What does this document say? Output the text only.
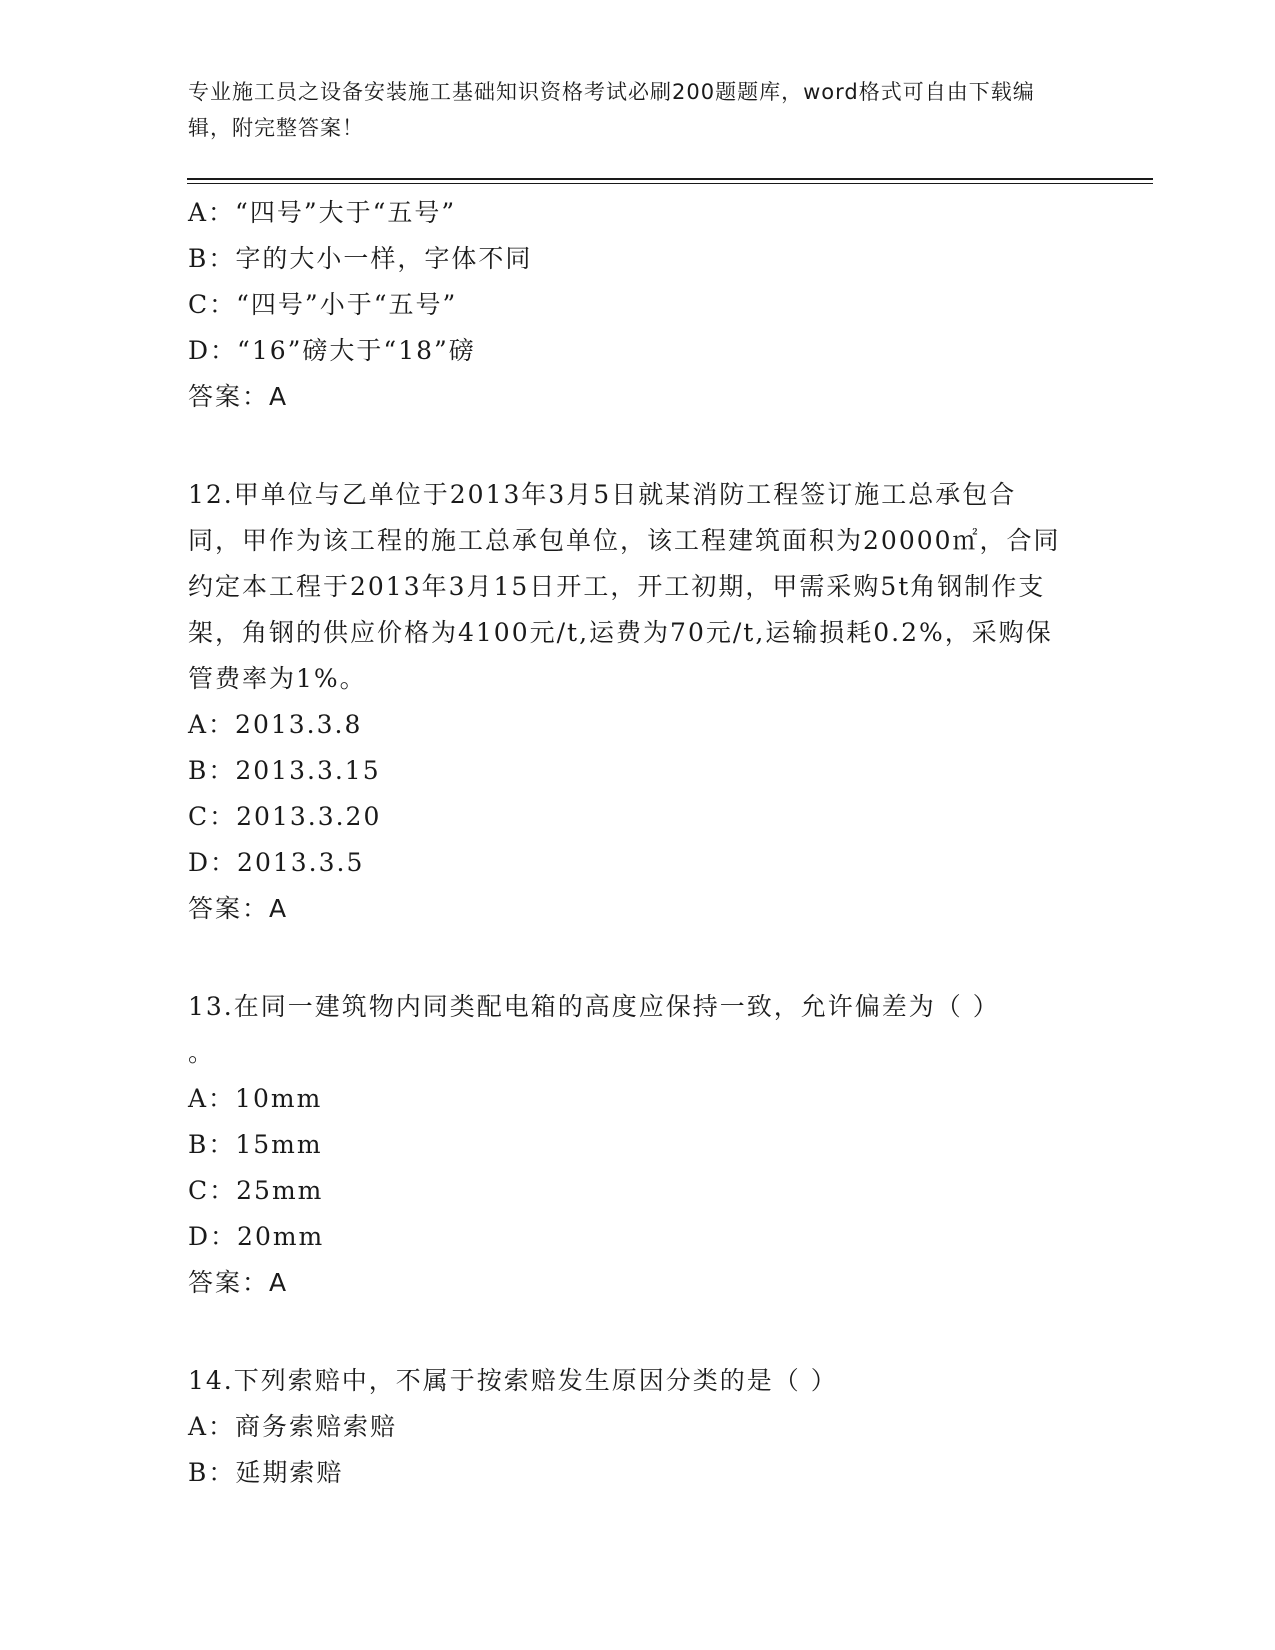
专业施工员之设备安装施工基础知识资格考试必刷200题题库，word格式可自由下载编辑，附完整答案！
A：“四号”大于“五号”
B：字的大小一样，字体不同
C：“四号”小于“五号”
D：“16”磅大于“18”磅
答案：A
12.甲单位与乙单位于2013年3月5日就某消防工程签订施工总承包合同，甲作为该工程的施工总承包单位，该工程建筑面积为20000㎡，合同约定本工程于2013年3月15日开工，开工初期，甲需采购5t角钢制作支架，角钢的供应价格为4100元/t,运费为70元/t,运输损耗0.2%，采购保管费率为1%。
A：2013.3.8
B：2013.3.15
C：2013.3.20
D：2013.3.5
答案：A
13.在同一建筑物内同类配电箱的高度应保持一致，允许偏差为（ ）
。
A：10mm
B：15mm
C：25mm
D：20mm
答案：A
14.下列索赔中，不属于按索赔发生原因分类的是（ ）
A：商务索赔索赔
B：延期索赔
